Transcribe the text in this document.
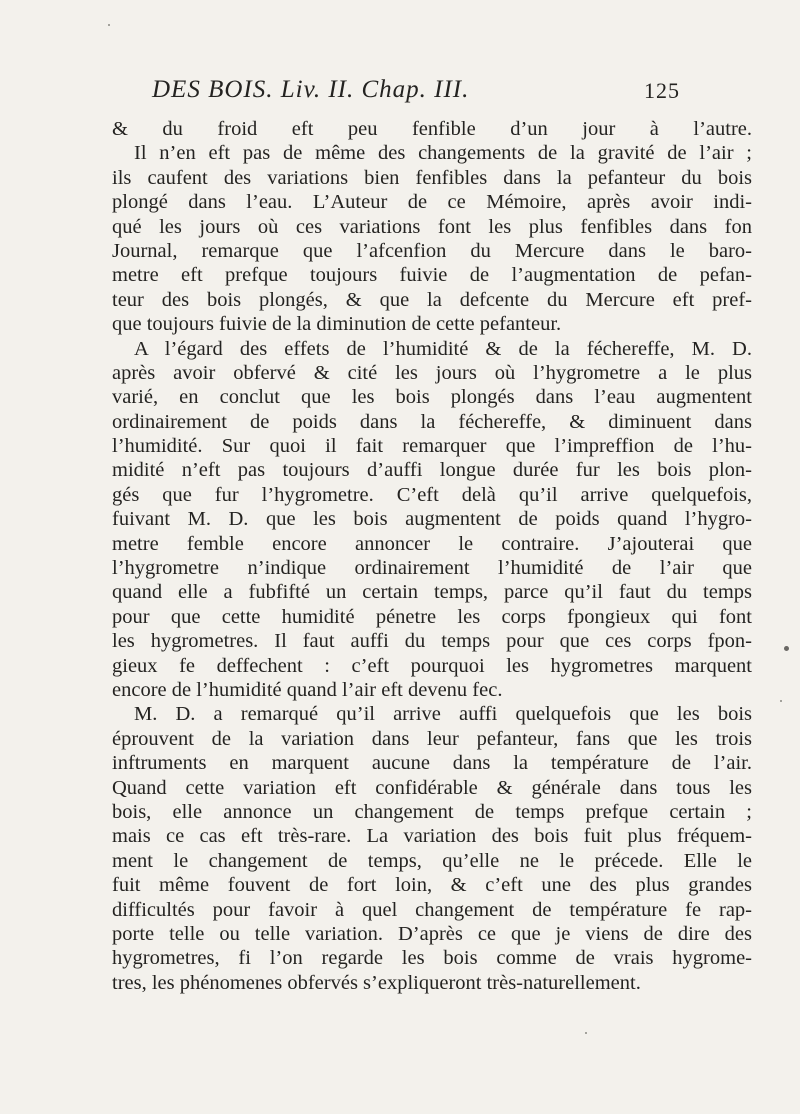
DES BOIS. Liv. II. Chap. III.	125
& du froid eft peu fenfible d’un jour à l’autre.
Il n’en eft pas de même des changements de la gravité de l’air ;
ils caufent des variations bien fenfibles dans la pefanteur du bois
plongé dans l’eau. L’Auteur de ce Mémoire, après avoir indi-
qué les jours où ces variations font les plus fenfibles dans fon
Journal, remarque que l’afcenfion du Mercure dans le baro-
metre eft prefque toujours fuivie de l’augmentation de pefan-
teur des bois plongés, & que la defcente du Mercure eft pref-
que toujours fuivie de la diminution de cette pefanteur.
A l’égard des effets de l’humidité & de la féchereffe, M. D.
après avoir obfervé & cité les jours où l’hygrometre a le plus
varié, en conclut que les bois plongés dans l’eau augmentent
ordinairement de poids dans la féchereffe, & diminuent dans
l’humidité. Sur quoi il fait remarquer que l’impreffion de l’hu-
midité n’eft pas toujours d’auffi longue durée fur les bois plon-
gés que fur l’hygrometre. C’eft delà qu’il arrive quelquefois,
fuivant M. D. que les bois augmentent de poids quand l’hygro-
metre femble encore annoncer le contraire. J’ajouterai que
l’hygrometre n’indique ordinairement l’humidité de l’air que
quand elle a fubfifté un certain temps, parce qu’il faut du temps
pour que cette humidité pénetre les corps fpongieux qui font
les hygrometres. Il faut auffi du temps pour que ces corps fpon-
gieux fe deffechent : c’eft pourquoi les hygrometres marquent
encore de l’humidité quand l’air eft devenu fec.
M. D. a remarqué qu’il arrive auffi quelquefois que les bois
éprouvent de la variation dans leur pefanteur, fans que les trois
inftruments en marquent aucune dans la température de l’air.
Quand cette variation eft confidérable & générale dans tous les
bois, elle annonce un changement de temps prefque certain ;
mais ce cas eft très-rare. La variation des bois fuit plus fréquem-
ment le changement de temps, qu’elle ne le précede. Elle le
fuit même fouvent de fort loin, & c’eft une des plus grandes
difficultés pour favoir à quel changement de température fe rap-
porte telle ou telle variation. D’après ce que je viens de dire des
hygrometres, fi l’on regarde les bois comme de vrais hygrome-
tres, les phénomenes obfervés s’expliqueront très-naturellement.
